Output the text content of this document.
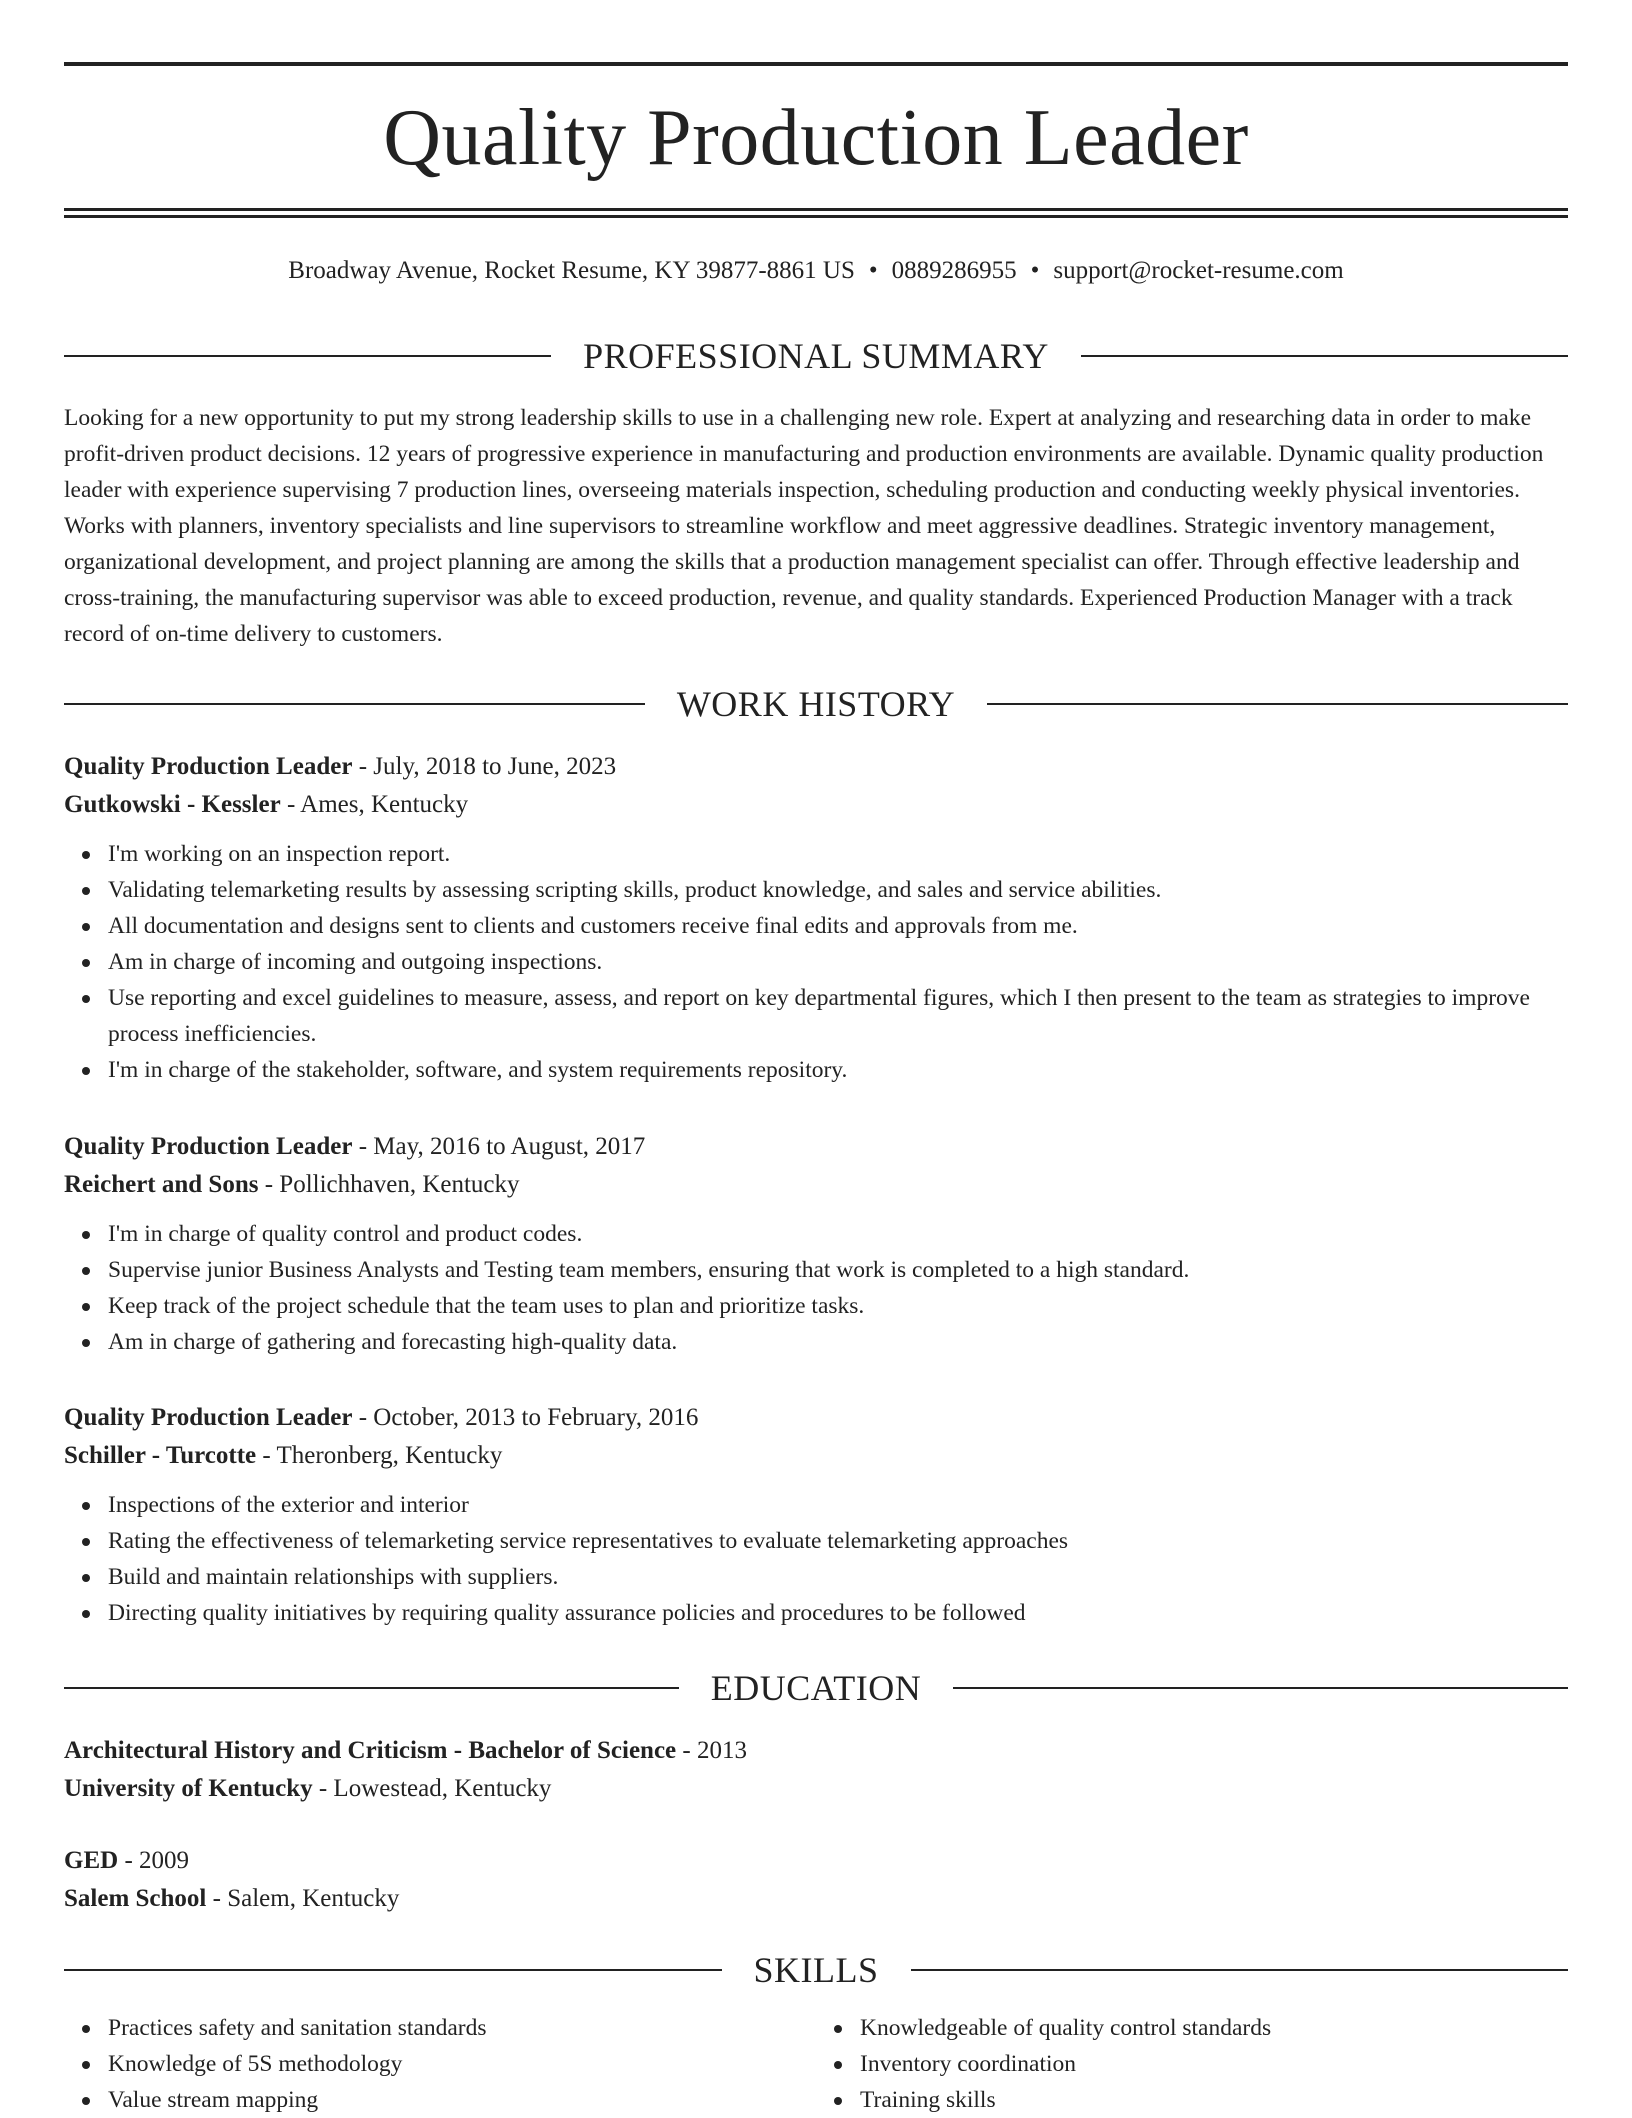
Quality Production Leader
Broadway Avenue, Rocket Resume, KY 39877-8861 US • 0889286955 • support@rocket-resume.com
PROFESSIONAL SUMMARY

Looking for a new opportunity to put my strong leadership skills to use in a challenging new role. Expert at analyzing and researching data in order to make profit-driven product decisions. 12 years of progressive experience in manufacturing and production environments are available. Dynamic quality production leader with experience supervising 7 production lines, overseeing materials inspection, scheduling production and conducting weekly physical inventories. Works with planners, inventory specialists and line supervisors to streamline workflow and meet aggressive deadlines. Strategic inventory management, organizational development, and project planning are among the skills that a production management specialist can offer. Through effective leadership and cross-training, the manufacturing supervisor was able to exceed production, revenue, and quality standards. Experienced Production Manager with a track record of on-time delivery to customers.

WORK HISTORY
Quality Production Leader - July, 2018 to June, 2023
Gutkowski - Kessler - Ames, Kentucky
I'm working on an inspection report.
Validating telemarketing results by assessing scripting skills, product knowledge, and sales and service abilities.
All documentation and designs sent to clients and customers receive final edits and approvals from me.
Am in charge of incoming and outgoing inspections.
Use reporting and excel guidelines to measure, assess, and report on key departmental figures, which I then present to the team as strategies to improve process inefficiencies.
I'm in charge of the stakeholder, software, and system requirements repository.
Quality Production Leader - May, 2016 to August, 2017
Reichert and Sons - Pollichhaven, Kentucky
I'm in charge of quality control and product codes.
Supervise junior Business Analysts and Testing team members, ensuring that work is completed to a high standard.
Keep track of the project schedule that the team uses to plan and prioritize tasks.
Am in charge of gathering and forecasting high-quality data.
Quality Production Leader - October, 2013 to February, 2016
Schiller - Turcotte - Theronberg, Kentucky
Inspections of the exterior and interior
Rating the effectiveness of telemarketing service representatives to evaluate telemarketing approaches
Build and maintain relationships with suppliers.
Directing quality initiatives by requiring quality assurance policies and procedures to be followed
EDUCATION
Architectural History and Criticism - Bachelor of Science - 2013
University of Kentucky - Lowestead, Kentucky
GED - 2009
Salem School - Salem, Kentucky
SKILLS
Practices safety and sanitation standards
Knowledge of 5S methodology
Value stream mapping
Knowledgeable of quality control standards
Inventory coordination
Training skills
